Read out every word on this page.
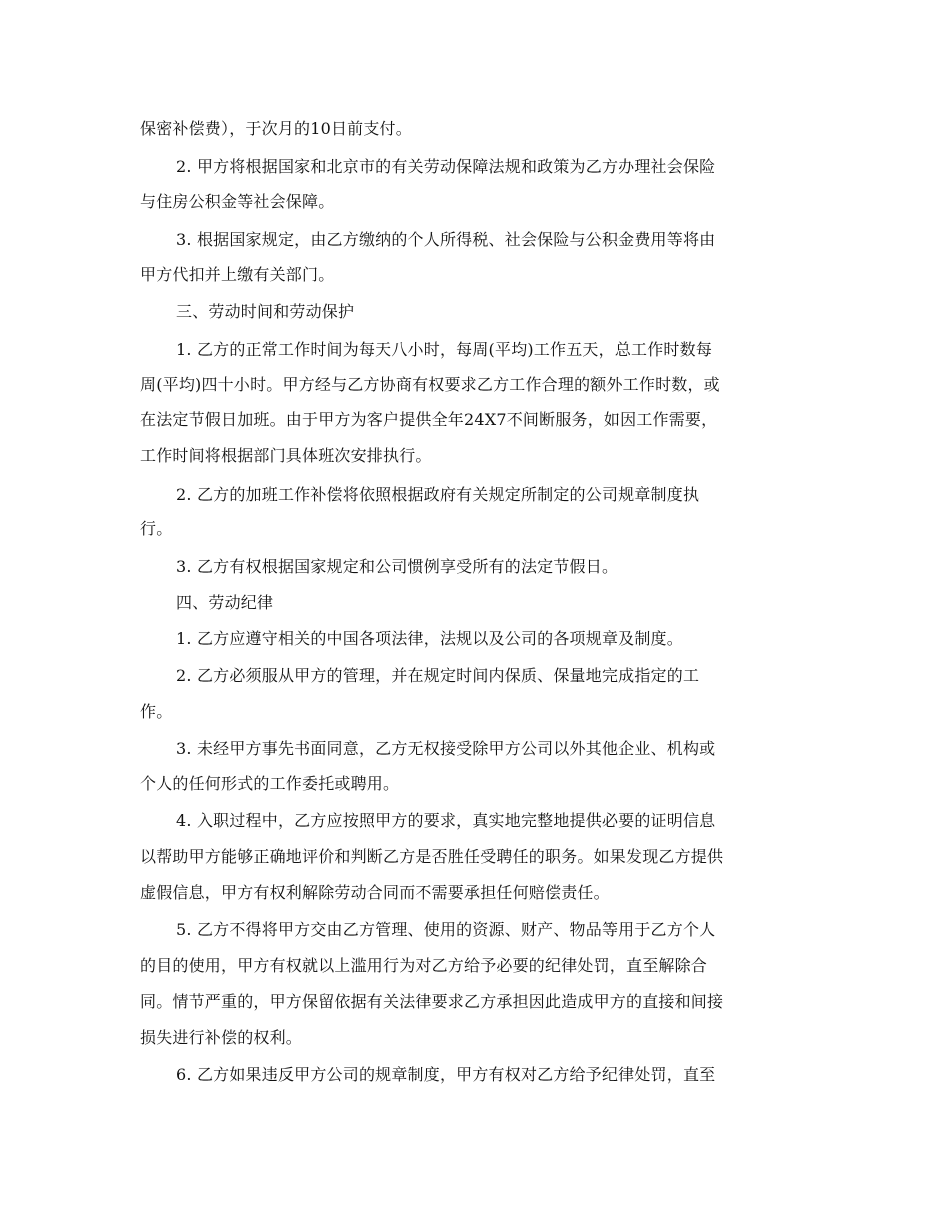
保密补偿费），于次月的10日前支付。
2. 甲方将根据国家和北京市的有关劳动保障法规和政策为乙方办理社会保险
与住房公积金等社会保障。
3. 根据国家规定，由乙方缴纳的个人所得税、社会保险与公积金费用等将由
甲方代扣并上缴有关部门。
三、劳动时间和劳动保护
1. 乙方的正常工作时间为每天八小时，每周(平均)工作五天，总工作时数每
周(平均)四十小时。甲方经与乙方协商有权要求乙方工作合理的额外工作时数，或
在法定节假日加班。由于甲方为客户提供全年24X7不间断服务，如因工作需要，
工作时间将根据部门具体班次安排执行。
2. 乙方的加班工作补偿将依照根据政府有关规定所制定的公司规章制度执
行。
3. 乙方有权根据国家规定和公司惯例享受所有的法定节假日。
四、劳动纪律
1. 乙方应遵守相关的中国各项法律，法规以及公司的各项规章及制度。
2. 乙方必须服从甲方的管理，并在规定时间内保质、保量地完成指定的工
作。
3. 未经甲方事先书面同意，乙方无权接受除甲方公司以外其他企业、机构或
个人的任何形式的工作委托或聘用。
4. 入职过程中，乙方应按照甲方的要求，真实地完整地提供必要的证明信息
以帮助甲方能够正确地评价和判断乙方是否胜任受聘任的职务。如果发现乙方提供
虚假信息，甲方有权利解除劳动合同而不需要承担任何赔偿责任。
5. 乙方不得将甲方交由乙方管理、使用的资源、财产、物品等用于乙方个人
的目的使用，甲方有权就以上滥用行为对乙方给予必要的纪律处罚，直至解除合
同。情节严重的，甲方保留依据有关法律要求乙方承担因此造成甲方的直接和间接
损失进行补偿的权利。
6. 乙方如果违反甲方公司的规章制度，甲方有权对乙方给予纪律处罚，直至
